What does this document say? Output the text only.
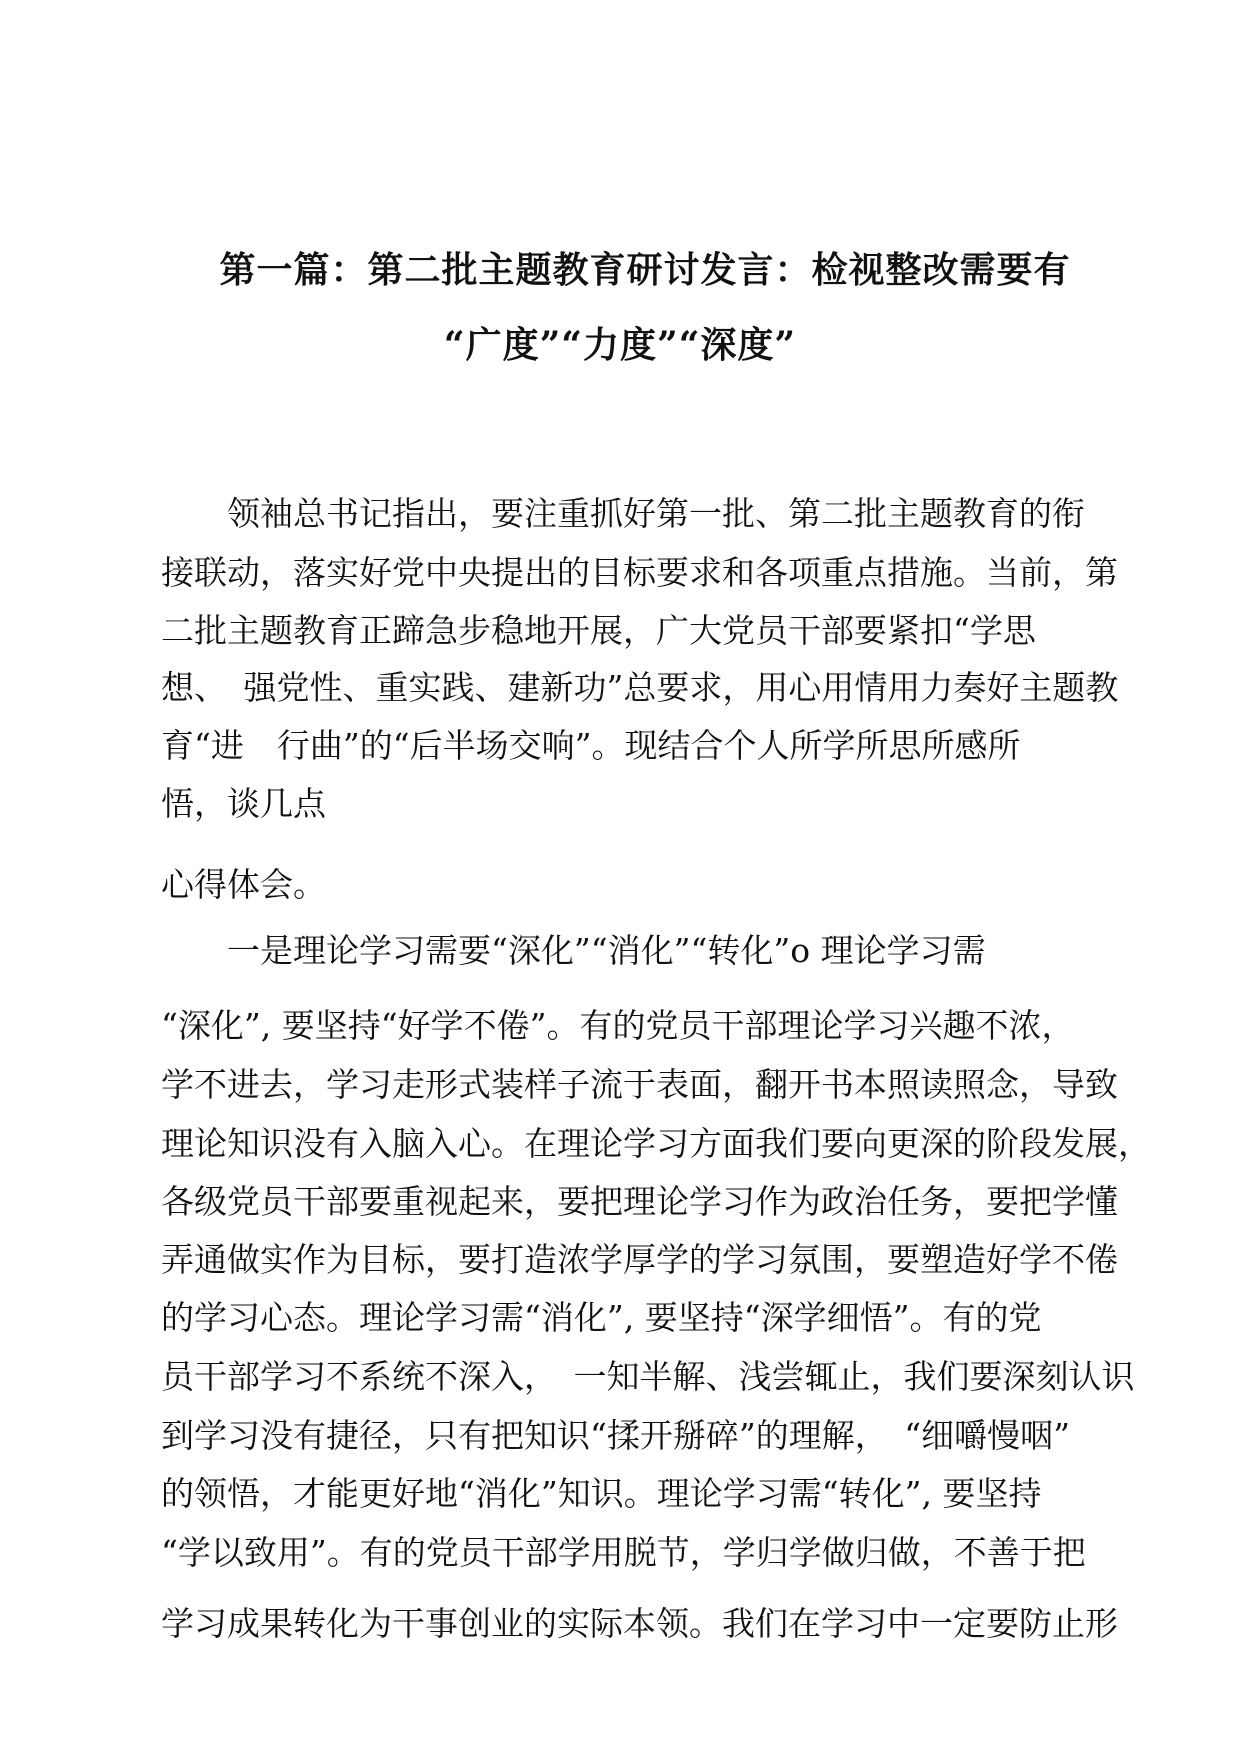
第一篇：第二批主题教育研讨发言：检视整改需要有
“广度”“力度”“深度”
　　领袖总书记指出，要注重抓好第一批、第二批主题教育的衔
接联动，落实好党中央提出的目标要求和各项重点措施。当前，第
二批主题教育正蹄急步稳地开展，广大党员干部要紧扣“学思
想、　强党性、重实践、建新功”总要求，用心用情用力奏好主题教
育“进　行曲”的“后半场交响”。现结合个人所学所思所感所
悟，谈几点
心得体会。
　　一是理论学习需要“深化”“消化”“转化”o 理论学习需
“深化”, 要坚持“好学不倦”。有的党员干部理论学习兴趣不浓，
学不进去，学习走形式装样子流于表面，翻开书本照读照念，导致
理论知识没有入脑入心。在理论学习方面我们要向更深的阶段发展，
各级党员干部要重视起来，要把理论学习作为政治任务，要把学懂
弄通做实作为目标，要打造浓学厚学的学习氛围，要塑造好学不倦
的学习心态。理论学习需“消化”, 要坚持“深学细悟”。有的党
员干部学习不系统不深入，　一知半解、浅尝辄止，我们要深刻认识
到学习没有捷径，只有把知识“揉开掰碎”的理解，　“细嚼慢咽”
的领悟，才能更好地“消化”知识。理论学习需“转化”, 要坚持
“学以致用”。有的党员干部学用脱节，学归学做归做，不善于把
学习成果转化为干事创业的实际本领。我们在学习中一定要防止形
